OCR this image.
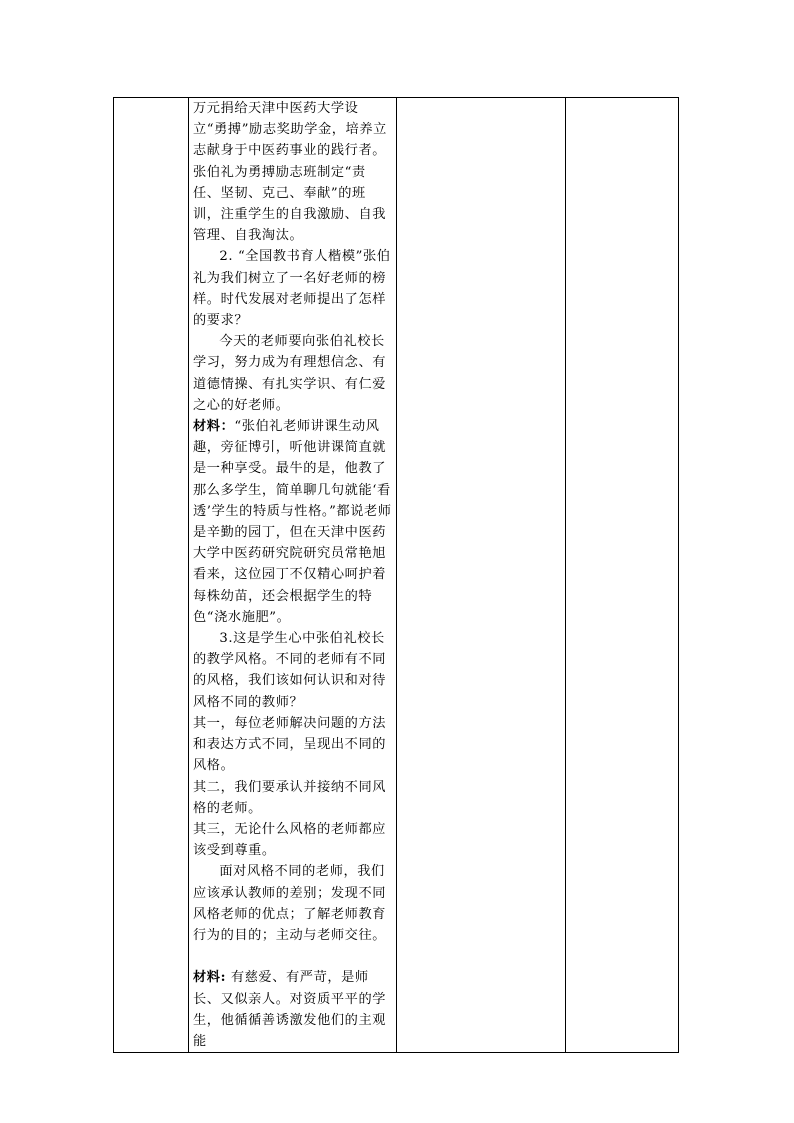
万元捐给天津中医药大学设立“勇搏”励志奖助学金，培养立志献身于中医药事业的践行者。张伯礼为勇搏励志班制定“责任、坚韧、克己、奉献”的班训，注重学生的自我激励、自我管理、自我淘汰。

2. “全国教书育人楷模”张伯礼为我们树立了一名好老师的榜样。时代发展对老师提出了怎样的要求？

今天的老师要向张伯礼校长学习，努力成为有理想信念、有道德情操、有扎实学识、有仁爱之心的好老师。

材料：“张伯礼老师讲课生动风趣，旁征博引，听他讲课简直就是一种享受。最牛的是，他教了那么多学生，简单聊几句就能‘看透’学生的特质与性格。”都说老师是辛勤的园丁，但在天津中医药大学中医药研究院研究员常艳旭看来，这位园丁不仅精心呵护着每株幼苗，还会根据学生的特色“浇水施肥”。

3.这是学生心中张伯礼校长的教学风格。不同的老师有不同的风格，我们该如何认识和对待风格不同的教师？

其一，每位老师解决问题的方法和表达方式不同，呈现出不同的风格。

其二，我们要承认并接纳不同风格的老师。

其三，无论什么风格的老师都应该受到尊重。

面对风格不同的老师，我们应该承认教师的差别；发现不同风格老师的优点；了解老师教育行为的目的；主动与老师交往。

材料: 有慈爱、有严苛，是师长、又似亲人。对资质平平的学生，他循循善诱激发他们的主观能
